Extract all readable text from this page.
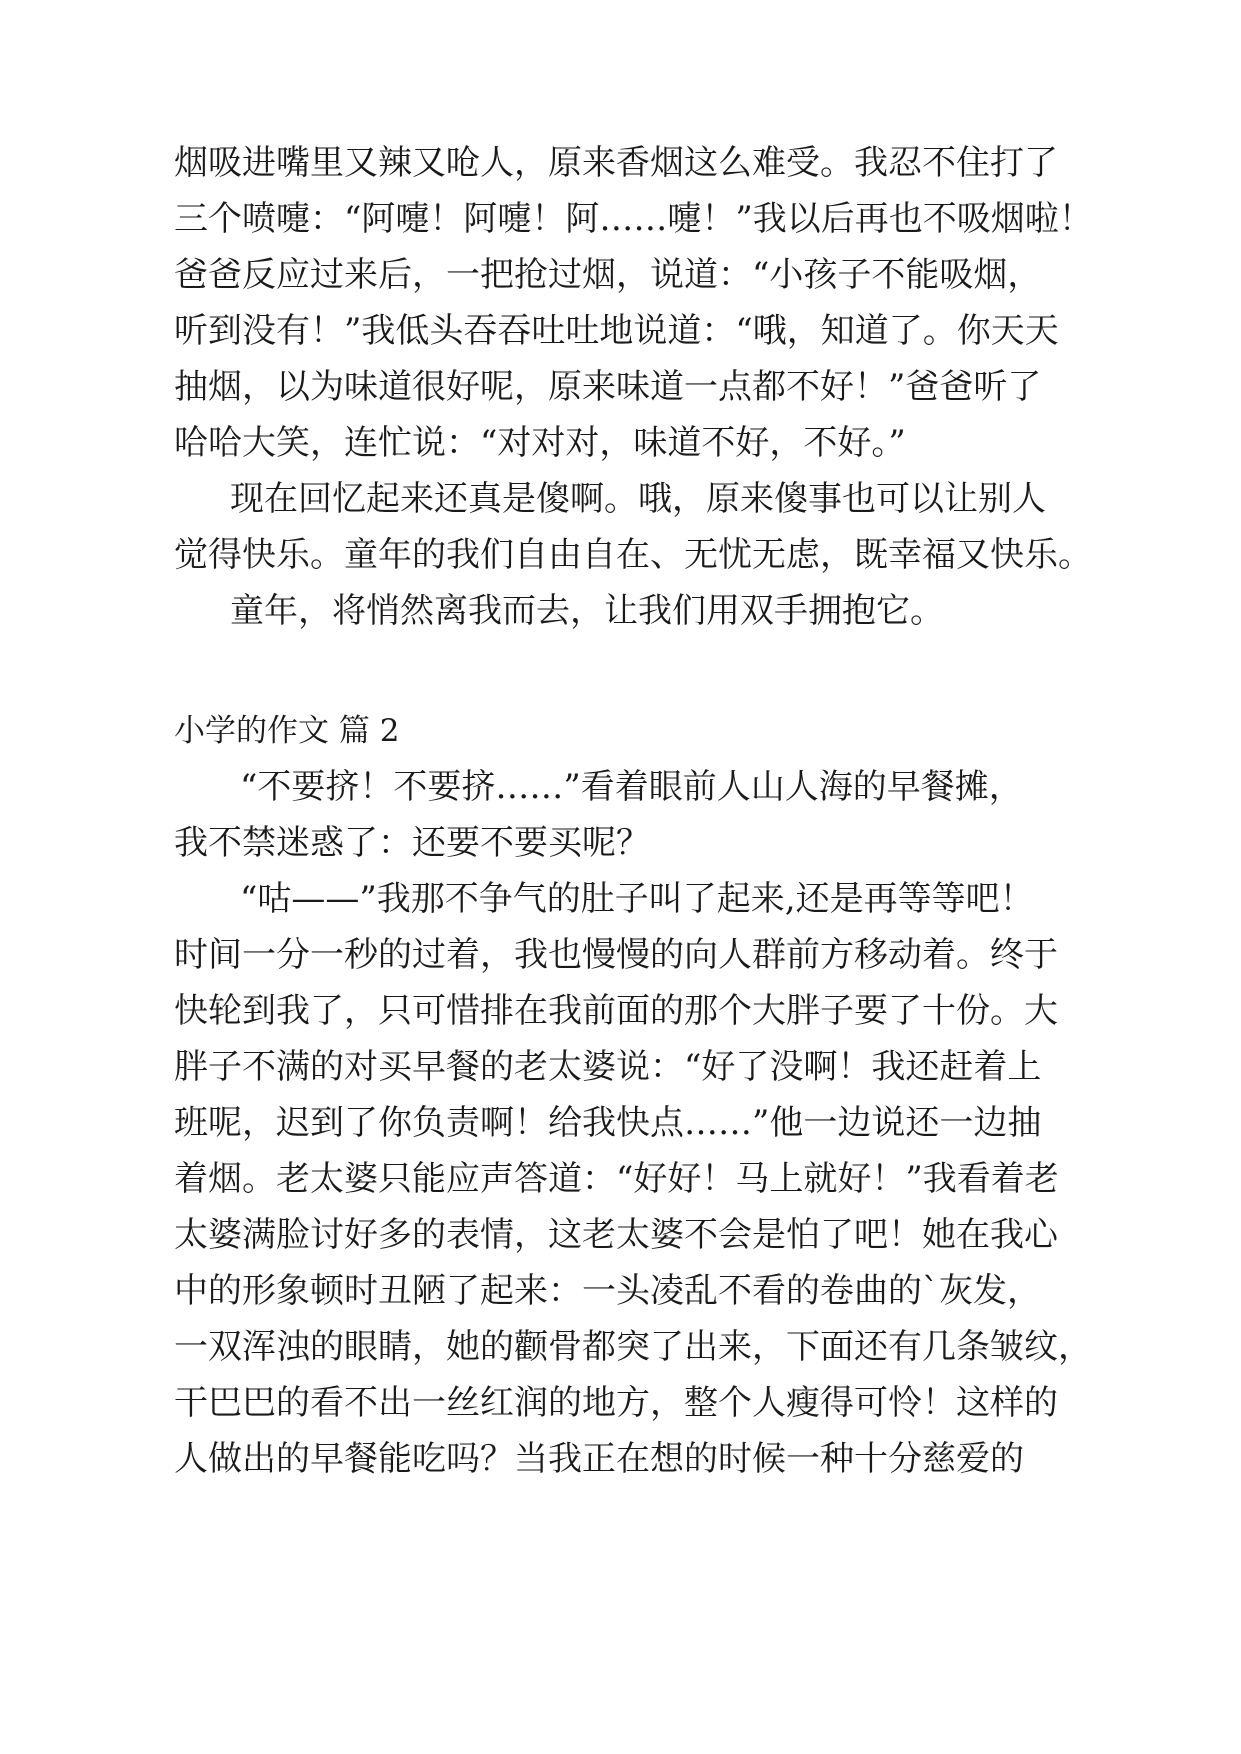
烟吸进嘴里又辣又呛人，原来香烟这么难受。我忍不住打了
三个喷嚏：“阿嚏！阿嚏！阿……嚏！”我以后再也不吸烟啦！
爸爸反应过来后，一把抢过烟，说道：“小孩子不能吸烟，
听到没有！”我低头吞吞吐吐地说道：“哦，知道了。你天天
抽烟，以为味道很好呢，原来味道一点都不好！”爸爸听了
哈哈大笑，连忙说：“对对对，味道不好，不好。”
现在回忆起来还真是傻啊。哦，原来傻事也可以让别人
觉得快乐。童年的我们自由自在、无忧无虑，既幸福又快乐。
童年，将悄然离我而去，让我们用双手拥抱它。
小学的作文 篇 2
“不要挤！不要挤……”看着眼前人山人海的早餐摊，
我不禁迷惑了：还要不要买呢？
“咕——”我那不争气的肚子叫了起来,还是再等等吧！
时间一分一秒的过着，我也慢慢的向人群前方移动着。终于
快轮到我了，只可惜排在我前面的那个大胖子要了十份。大
胖子不满的对买早餐的老太婆说：“好了没啊！我还赶着上
班呢，迟到了你负责啊！给我快点……”他一边说还一边抽
着烟。老太婆只能应声答道：“好好！马上就好！”我看着老
太婆满脸讨好多的表情，这老太婆不会是怕了吧！她在我心
中的形象顿时丑陋了起来：一头凌乱不看的卷曲的`灰发，
一双浑浊的眼睛，她的颧骨都突了出来，下面还有几条皱纹，
干巴巴的看不出一丝红润的地方，整个人瘦得可怜！这样的
人做出的早餐能吃吗？当我正在想的时候一种十分慈爱的
